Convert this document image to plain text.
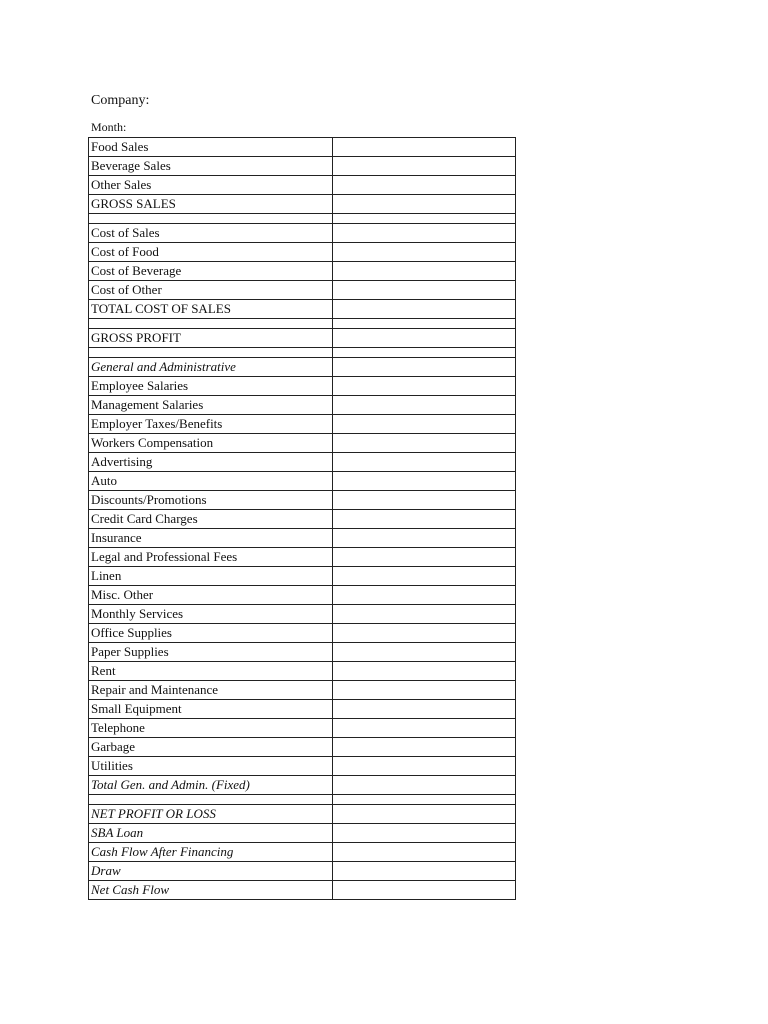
Company:
Month:
Food Sales	
Beverage Sales	
Other Sales	
GROSS SALES	

Cost of Sales	
Cost of Food	
Cost of Beverage	
Cost of Other	
TOTAL COST OF SALES	

GROSS PROFIT	

General and Administrative	
Employee Salaries	
Management Salaries	
Employer Taxes/Benefits	
Workers Compensation	
Advertising	
Auto	
Discounts/Promotions	
Credit Card Charges	
Insurance	
Legal and Professional Fees	
Linen	
Misc. Other	
Monthly Services	
Office Supplies	
Paper Supplies	
Rent	
Repair and Maintenance	
Small Equipment	
Telephone	
Garbage	
Utilities	
Total Gen. and Admin. (Fixed)	

NET PROFIT OR LOSS	
SBA Loan	
Cash Flow After Financing	
Draw	
Net Cash Flow	
